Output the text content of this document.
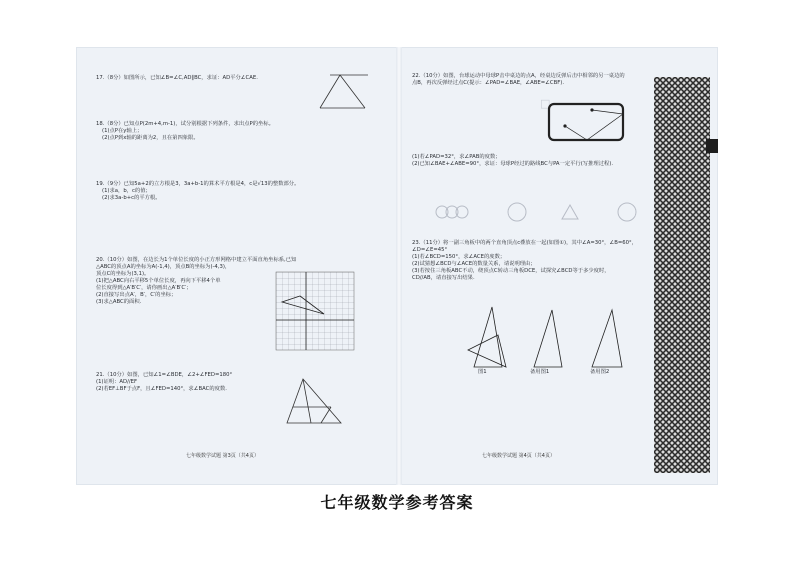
17.（8分）如图所示，已知∠B=∠C,AD∥BC，求证：AD平分∠CAE.
18.（8分）已知点P(2m+4,m-1)，试分别根据下列条件，求出点P的坐标。
(1)点P在y轴上；
(2)点P到x轴的距离为2，且在第四象限。
19.（9分）已知5a+2的立方根是3，3a+b-1的算术平方根是4，c是√13的整数部分。
(1)求a，b，c的值；
(2)求3a-b+c的平方根。
20.（10分）如图，在边长为1个单位长度的小正方形网格中建立平面直角坐标系,已知
△ABC的顶点A的坐标为A(-1,4)，顶点B的坐标为(-4,3)，
顶点C的坐标为(3,1)。
(1)把△ABC向右平移5个单位长度，再向下平移4个单
位长度得到△A′B′C′，请你画出△A′B′C′；
(2)直接写出点A′，B′，C′的坐标；
(3)求△ABC的面积.
21.（10分）如图，已知∠1=∠BDE，∠2+∠FED=180°
(1)证明：AD//EF
(2)若EF⊥BF于点F，且∠FED=140°，求∠BAC的度数.
七年级数学试题 第3页（共4页）
22.（10分）如图，台球运动中母球P击中桌边的点A，经桌边反弹后击中相邻的另一桌边的
点B，再次反弹经过点C(提示：∠PAD=∠BAE，∠ABE=∠CBF).
□
(1)若∠PAD=32°，求∠PAB的度数；
(2)已知∠BAE+∠ABE=90°，求证：母球P经过的路线BC与PA一定平行(写推理过程).
23.（11分）将一副三角板中的两个直角顶点c叠放在一起(如图①)，其中∠A=30°，∠B=60°，
∠D=∠E=45°
(1)若∠BCD=150°，求∠ACE的度数；
(2)试猜想∠BCD与∠ACE的数量关系，请说明理由；
(3)若按住三角板ABC不动，绕顶点C转动三角板DCE，试探究∠BCD等于多少度时，
CD//AB，请直接写出结果.
图1	备用图1	备用图2
七年级数学试题 第4页（共4页）
七年级数学参考答案
